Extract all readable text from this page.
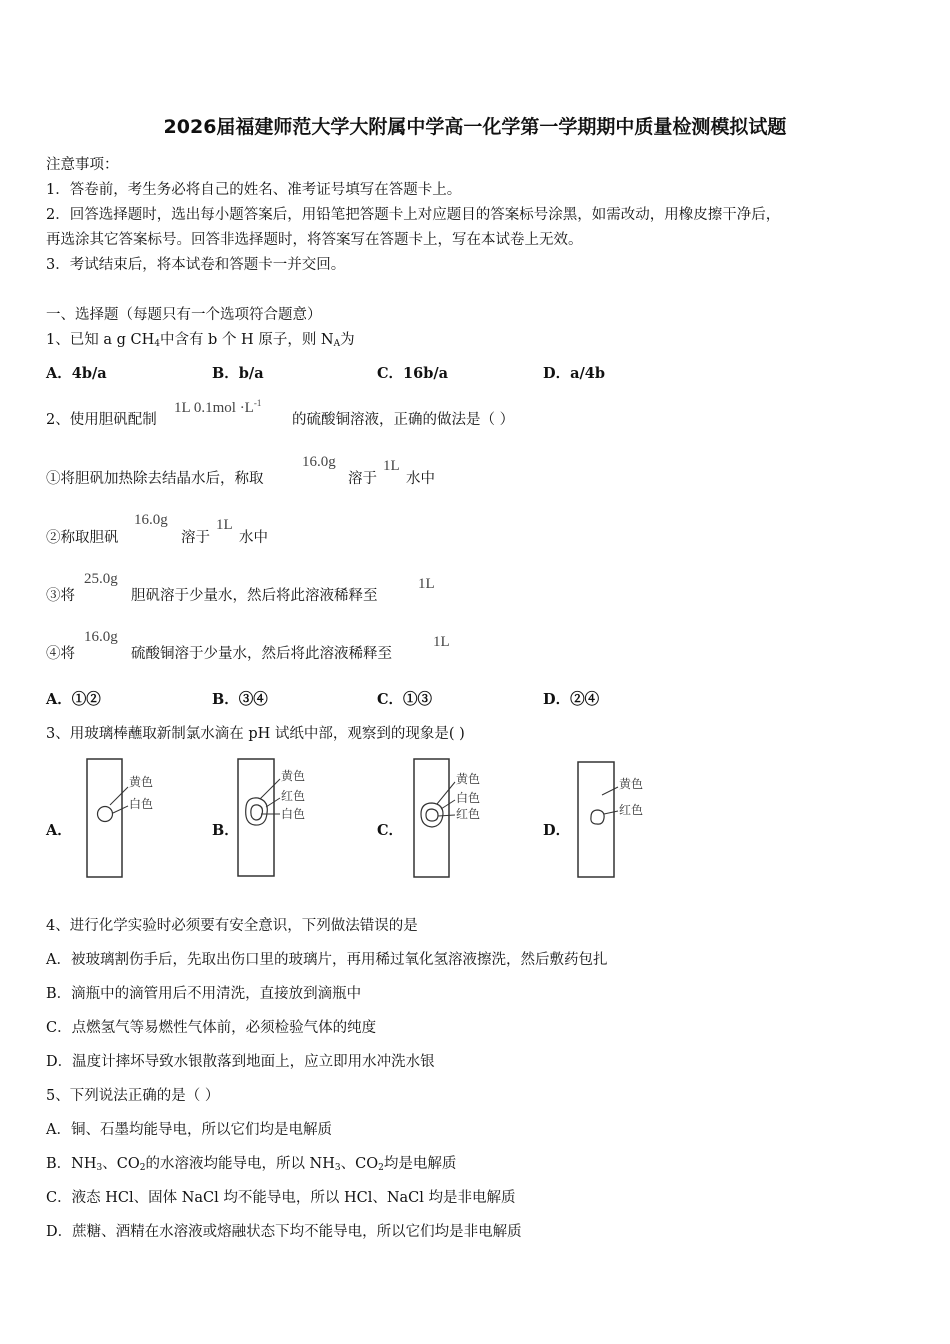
2026届福建师范大学大附属中学高一化学第一学期期中质量检测模拟试题
注意事项：
1．答卷前，考生务必将自己的姓名、准考证号填写在答题卡上。
2．回答选择题时，选出每小题答案后，用铅笔把答题卡上对应题目的答案标号涂黑，如需改动，用橡皮擦干净后，
再选涂其它答案标号。回答非选择题时，将答案写在答题卡上，写在本试卷上无效。
3．考试结束后，将本试卷和答题卡一并交回。
一、选择题（每题只有一个选项符合题意）
1、已知 a g $CH_4$中含有 b 个 H 原子，则 $N_A$为
A．4b/a	B．b/a	C．16b/a	D．a/4b
2、使用胆矾配制
1L $0.1mol \cdot L^{-1}$
的硫酸铜溶液，正确的做法是（ ）
①将胆矾加热除去结晶水后，称取
16.0g
溶于
1L
水中
②称取胆矾
16.0g
溶于
1L
水中
③将
25.0g
胆矾溶于少量水，然后将此溶液稀释至
1L
④将
16.0g
硫酸铜溶于少量水，然后将此溶液稀释至
1L
A．①②	B．③④	C．①③	D．②④
3、用玻璃棒蘸取新制氯水滴在 pH 试纸中部，观察到的现象是( )
A．
黄色
白色
B．
黄色
红色
白色
C．
黄色
白色
红色
D．
黄色
红色
4、进行化学实验时必须要有安全意识，下列做法错误的是
A．被玻璃割伤手后，先取出伤口里的玻璃片，再用稀过氧化氢溶液擦洗，然后敷药包扎
B．滴瓶中的滴管用后不用清洗，直接放到滴瓶中
C．点燃氢气等易燃性气体前，必须检验气体的纯度
D．温度计摔坏导致水银散落到地面上，应立即用水冲洗水银
5、下列说法正确的是（ ）
A．铜、石墨均能导电，所以它们均是电解质
B．$NH_3$、$CO_2$的水溶液均能导电，所以 $NH_3$、$CO_2$均是电解质
C．液态 HCl、固体 NaCl 均不能导电，所以 HCl、NaCl 均是非电解质
D．蔗糖、酒精在水溶液或熔融状态下均不能导电，所以它们均是非电解质
